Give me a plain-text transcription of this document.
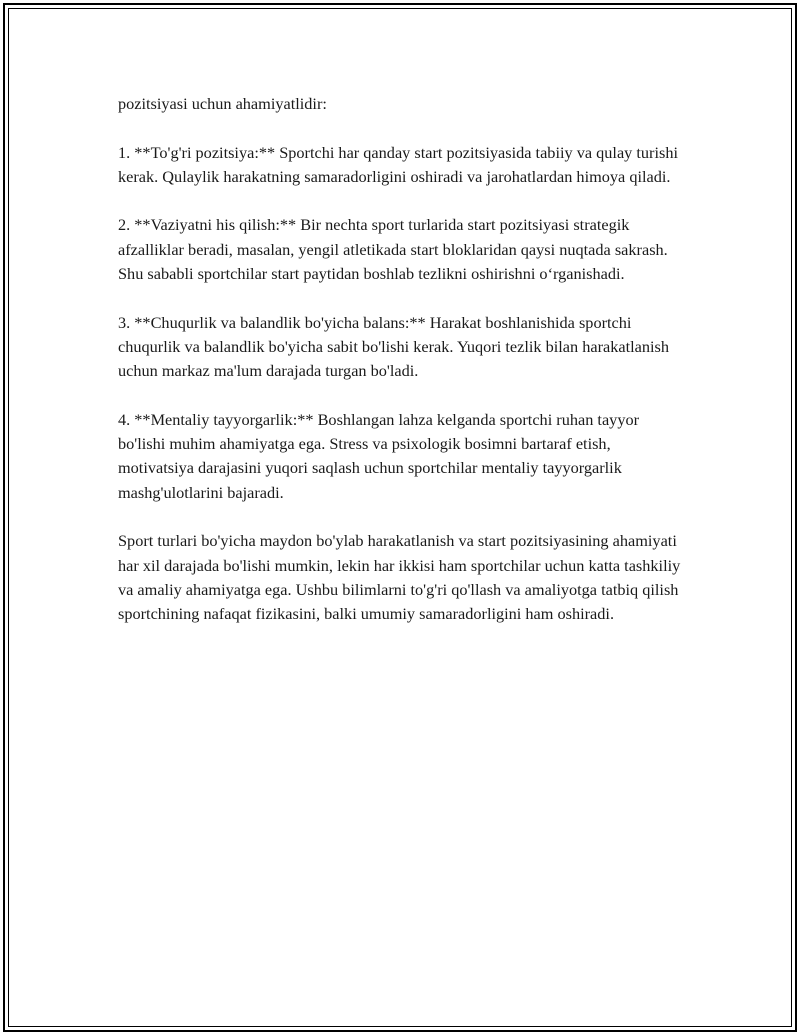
pozitsiyasi uchun ahamiyatlidir:

1. **To'g'ri pozitsiya:** Sportchi har qanday start pozitsiyasida tabiiy va qulay turishi kerak. Qulaylik harakatning samaradorligini oshiradi va jarohatlardan himoya qiladi.

2. **Vaziyatni his qilish:** Bir nechta sport turlarida start pozitsiyasi strategik afzalliklar beradi, masalan, yengil atletikada start bloklaridan qaysi nuqtada sakrash. Shu sababli sportchilar start paytidan boshlab tezlikni oshirishni o‘rganishadi.

3. **Chuqurlik va balandlik bo'yicha balans:** Harakat boshlanishida sportchi chuqurlik va balandlik bo'yicha sabit bo'lishi kerak. Yuqori tezlik bilan harakatlanish uchun markaz ma'lum darajada turgan bo'ladi.

4. **Mentaliy tayyorgarlik:** Boshlangan lahza kelganda sportchi ruhan tayyor bo'lishi muhim ahamiyatga ega. Stress va psixologik bosimni bartaraf etish, motivatsiya darajasini yuqori saqlash uchun sportchilar mentaliy tayyorgarlik mashg'ulotlarini bajaradi.

Sport turlari bo'yicha maydon bo'ylab harakatlanish va start pozitsiyasining ahamiyati har xil darajada bo'lishi mumkin, lekin har ikkisi ham sportchilar uchun katta tashkiliy va amaliy ahamiyatga ega. Ushbu bilimlarni to'g'ri qo'llash va amaliyotga tatbiq qilish sportchining nafaqat fizikasini, balki umumiy samaradorligini ham oshiradi.
